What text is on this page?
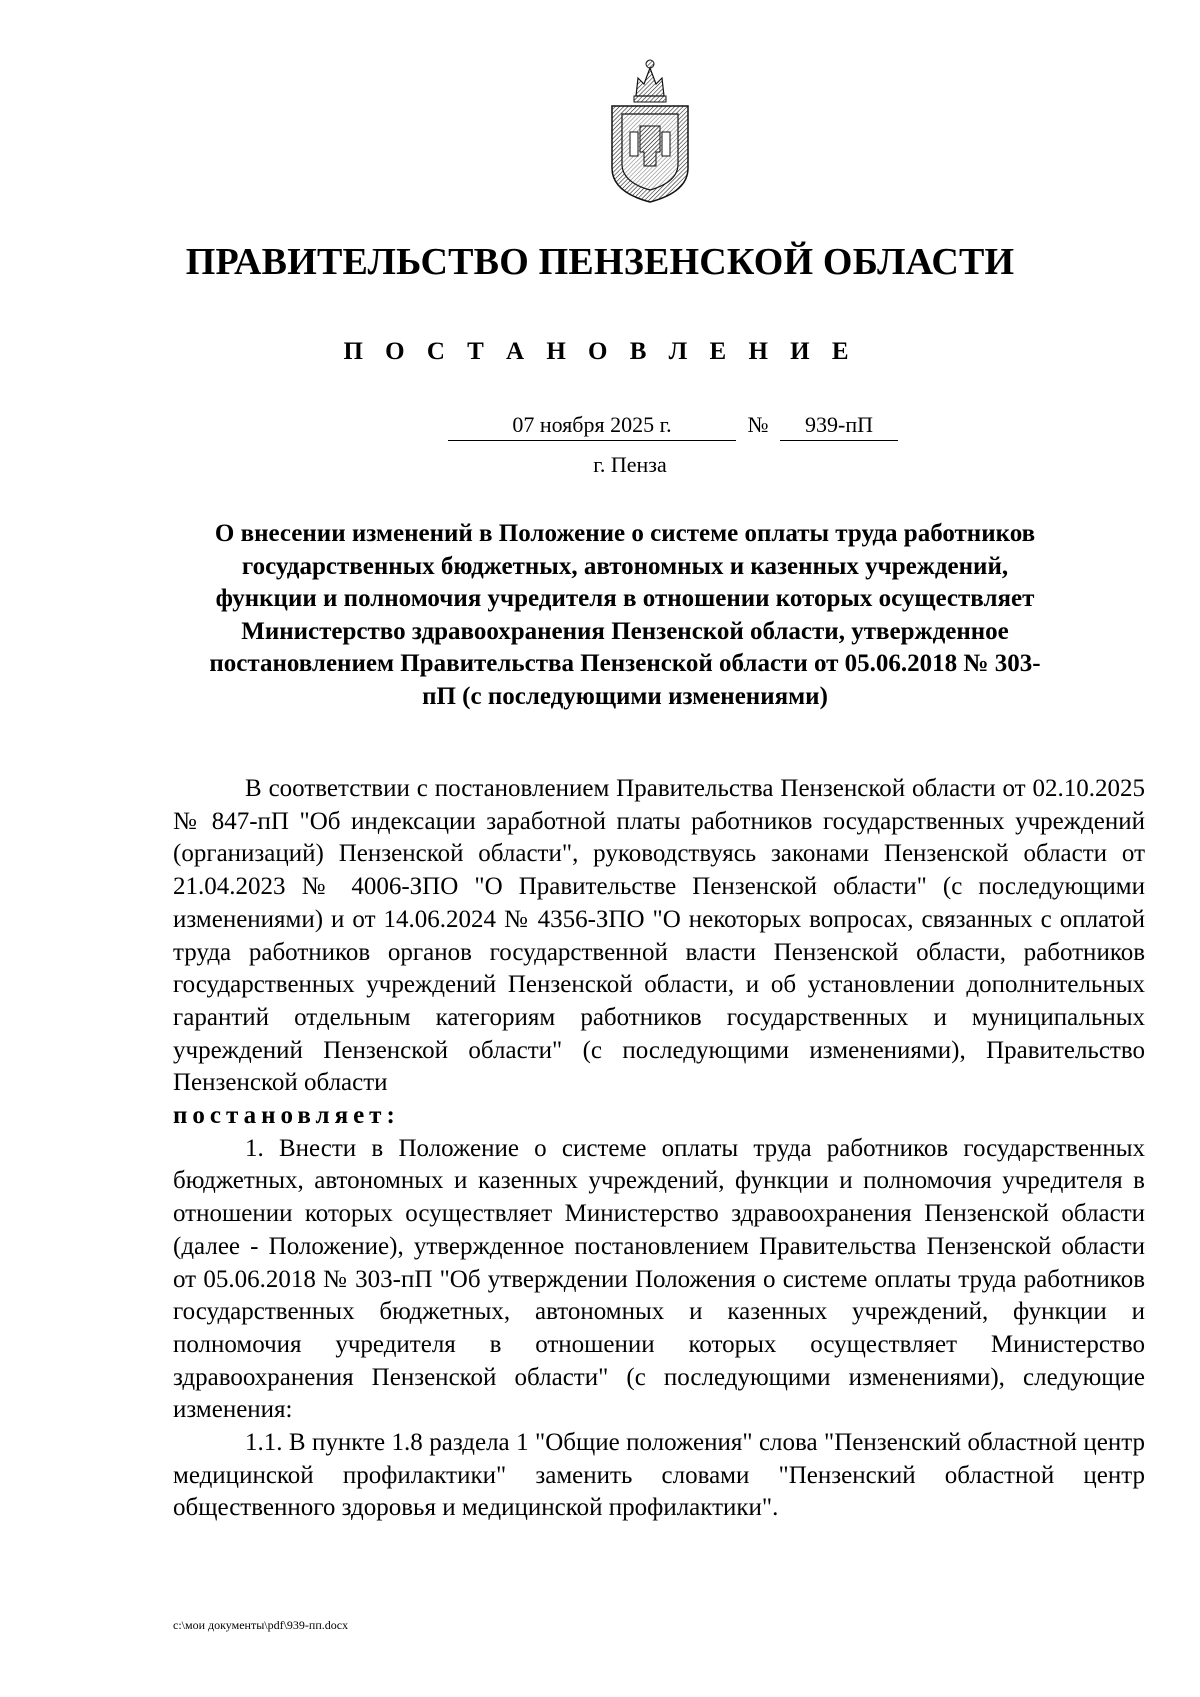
ПРАВИТЕЛЬСТВО ПЕНЗЕНСКОЙ ОБЛАСТИ
П О С Т А Н О В Л Е Н И Е
07 ноября 2025 г.	№	939-пП
г. Пенза
О внесении изменений в Положение о системе оплаты труда работников государственных бюджетных, автономных и казенных учреждений, функции и полномочия учредителя в отношении которых осуществляет Министерство здравоохранения Пензенской области, утвержденное постановлением Правительства Пензенской области от 05.06.2018 № 303-пП (с последующими изменениями)

В соответствии с постановлением Правительства Пензенской области от 02.10.2025 № 847-пП "Об индексации заработной платы работников государственных учреждений (организаций) Пензенской области", руководствуясь законами Пензенской области от 21.04.2023 № 4006-ЗПО "О Правительстве Пензенской области" (с последующими изменениями) и от 14.06.2024 № 4356-ЗПО "О некоторых вопросах, связанных с оплатой труда работников органов государственной власти Пензенской области, работников государственных учреждений Пензенской области, и об установлении дополнительных гарантий отдельным категориям работников государственных и муниципальных учреждений Пензенской области" (с последующими изменениями), Правительство Пензенской области

постановляет:

1. Внести в Положение о системе оплаты труда работников государственных бюджетных, автономных и казенных учреждений, функции и полномочия учредителя в отношении которых осуществляет Министерство здравоохранения Пензенской области (далее - Положение), утвержденное постановлением Правительства Пензенской области от 05.06.2018 № 303-пП "Об утверждении Положения о системе оплаты труда работников государственных бюджетных, автономных и казенных учреждений, функции и полномочия учредителя в отношении которых осуществляет Министерство здравоохранения Пензенской области" (с последующими изменениями), следующие изменения:

1.1. В пункте 1.8 раздела 1 "Общие положения" слова "Пензенский областной центр медицинской профилактики" заменить словами "Пензенский областной центр общественного здоровья и медицинской профилактики".

c:\мои документы\pdf\939-пп.docx
